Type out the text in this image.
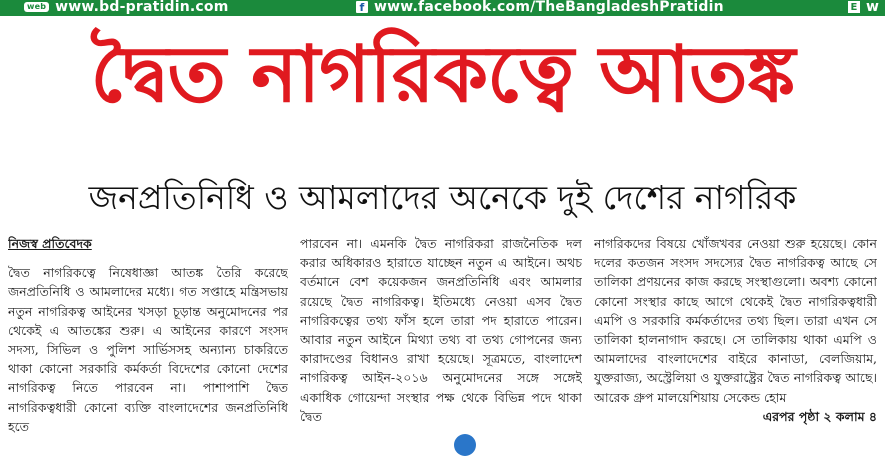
web www.bd-pratidin.com	f www.facebook.com/TheBangladeshPratidin	E w
দ্বৈত নাগরিকত্বে আতঙ্ক
জনপ্রতিনিধি ও আমলাদের অনেকে দুই দেশের নাগরিক
নিজস্ব প্রতিবেদক

দ্বৈত নাগরিকত্বে নিষেধাজ্ঞা আতঙ্ক তৈরি করেছে জনপ্রতিনিধি ও আমলাদের মধ্যে। গত সপ্তাহে মন্ত্রিসভায় নতুন নাগরিকত্ব আইনের খসড়া চূড়ান্ত অনুমোদনের পর থেকেই এ আতঙ্কের শুরু। এ আইনের কারণে সংসদ সদস্য, সিভিল ও পুলিশ সার্ভিসসহ অন্যান্য চাকরিতে থাকা কোনো সরকারি কর্মকর্তা বিদেশের কোনো দেশের নাগরিকত্ব নিতে পারবেন না। পাশাপাশি দ্বৈত নাগরিকত্বধারী কোনো ব্যক্তি বাংলাদেশের জনপ্রতিনিধি হতে

পারবেন না। এমনকি দ্বৈত নাগরিকরা রাজনৈতিক দল করার অধিকারও হারাতে যাচ্ছেন নতুন এ আইনে। অথচ বর্তমানে বেশ কয়েকজন জনপ্রতিনিধি এবং আমলার রয়েছে দ্বৈত নাগরিকত্ব। ইতিমধ্যে নেওয়া এসব দ্বৈত নাগরিকত্বের তথ্য ফাঁস হলে তারা পদ হারাতে পারেন। আবার নতুন আইনে মিথ্যা তথ্য বা তথ্য গোপনের জন্য কারাদণ্ডের বিধানও রাখা হয়েছে। সূত্রমতে, বাংলাদেশ নাগরিকত্ব আইন-২০১৬ অনুমোদনের সঙ্গে সঙ্গেই একাধিক গোয়েন্দা সংস্থার পক্ষ থেকে বিভিন্ন পদে থাকা দ্বৈত

নাগরিকদের বিষয়ে খোঁজখবর নেওয়া শুরু হয়েছে। কোন দলের কতজন সংসদ সদস্যের দ্বৈত নাগরিকত্ব আছে সে তালিকা প্রণয়নের কাজ করছে সংস্থাগুলো। অবশ্য কোনো কোনো সংস্থার কাছে আগে থেকেই দ্বৈত নাগরিকত্বধারী এমপি ও সরকারি কর্মকর্তাদের তথ্য ছিল। তারা এখন সে তালিকা হালনাগাদ করছে। সে তালিকায় থাকা এমপি ও আমলাদের বাংলাদেশের বাইরে কানাডা, বেলজিয়াম, যুক্তরাজ্য, অস্ট্রেলিয়া ও যুক্তরাষ্ট্রের দ্বৈত নাগরিকত্ব আছে। আরেক গ্রুপ মালয়েশিয়ায় সেকেন্ড হোম
এরপর পৃষ্ঠা ২ কলাম ৪
